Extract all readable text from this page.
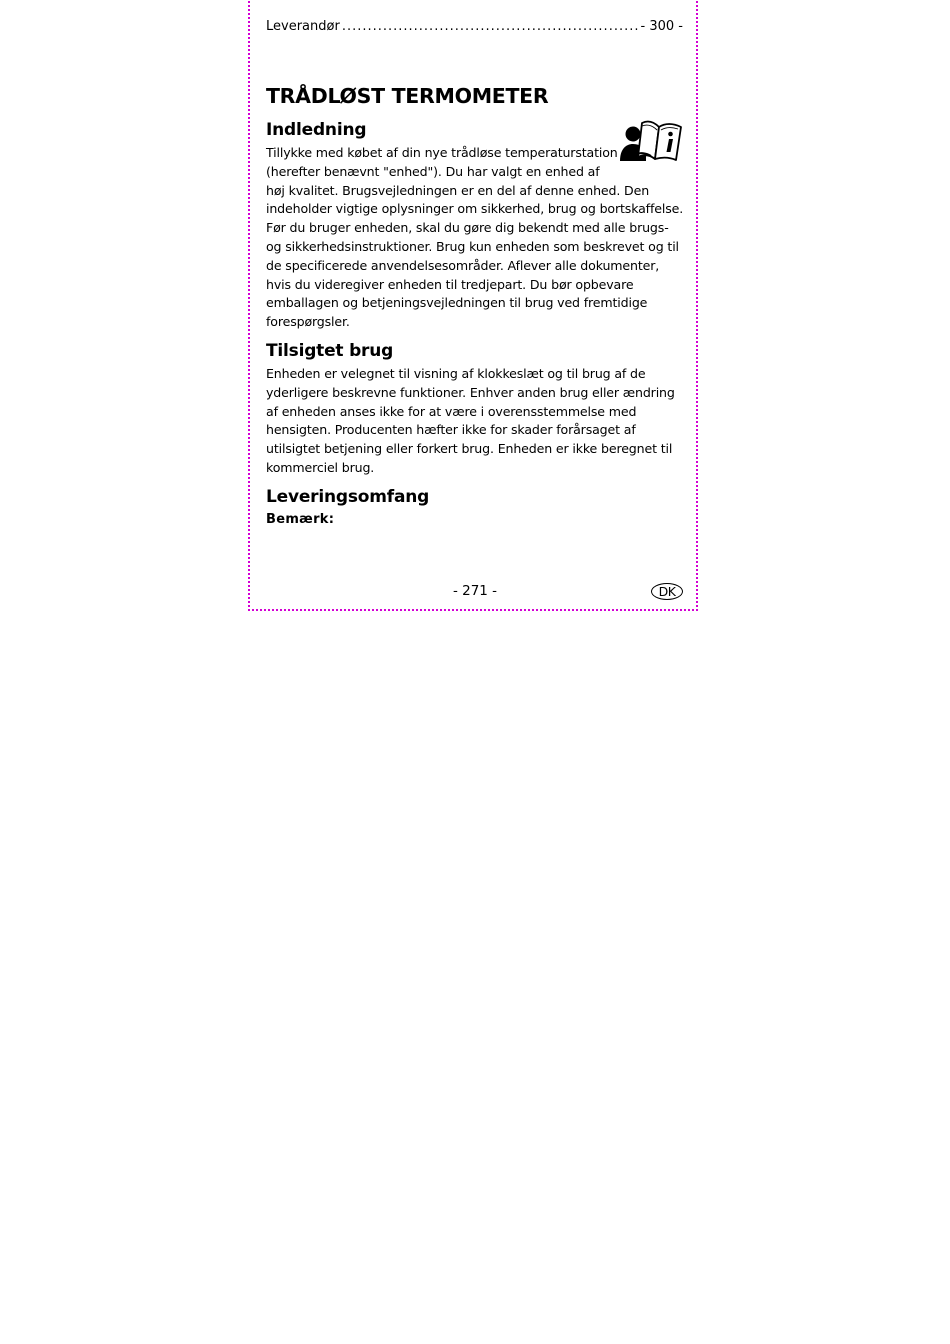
Leverandør
.....	- 300 -
TRÅDLØST TERMOMETER
Indledning
Tillykke med købet af din nye trådløse temperaturstation
(herefter benævnt "enhed"). Du har valgt en enhed af
høj kvalitet. Brugsvejledningen er en del af denne enhed. Den
indeholder vigtige oplysninger om sikkerhed, brug og bortskaffelse.
Før du bruger enheden, skal du gøre dig bekendt med alle brugs-
og sikkerhedsinstruktioner. Brug kun enheden som beskrevet og til
de specificerede anvendelsesområder. Aflever alle dokumenter,
hvis du videregiver enheden til tredjepart. Du bør opbevare
emballagen og betjeningsvejledningen til brug ved fremtidige
forespørgsler.
Tilsigtet brug
Enheden er velegnet til visning af klokkeslæt og til brug af de
yderligere beskrevne funktioner. Enhver anden brug eller ændring
af enheden anses ikke for at være i overensstemmelse med
hensigten. Producenten hæfter ikke for skader forårsaget af
utilsigtet betjening eller forkert brug. Enheden er ikke beregnet til
kommerciel brug.
Leveringsomfang
Bemærk:
- 271 -	DK
